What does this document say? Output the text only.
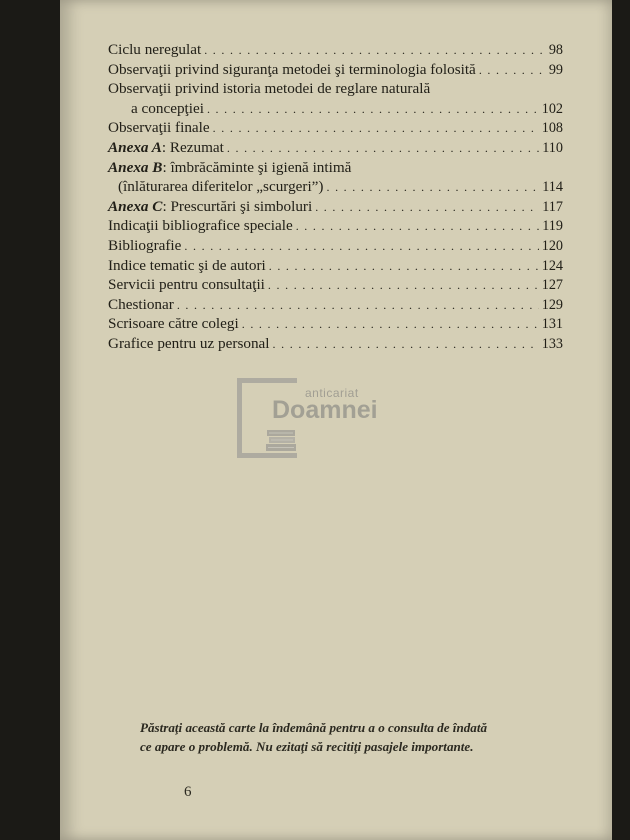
Ciclu neregulat . . .	98
Observaţii privind siguranţa metodei şi terminologia folosită . . .	99
Observaţii privind istoria metodei de reglare naturală
a concepţiei . . .	102
Observaţii finale . . .	108
Anexa A: Rezumat . . .	110
Anexa B: îmbrăcăminte şi igienă intimă
(înlăturarea diferitelor „scurgeri”) . . .	114
Anexa C: Prescurtări şi simboluri . . .	117
Indicaţii bibliografice speciale . . .	119
Bibliografie . . .	120
Indice tematic şi de autori . . .	124
Servicii pentru consultaţii . . .	127
Chestionar . . .	129
Scrisoare către colegi . . .	131
Grafice pentru uz personal . . .	133
Păstraţi această carte la îndemână pentru a o consulta de îndată
ce apare o problemă. Nu ezitaţi să recitiţi pasajele importante.
6
anticariat
Doamnei
